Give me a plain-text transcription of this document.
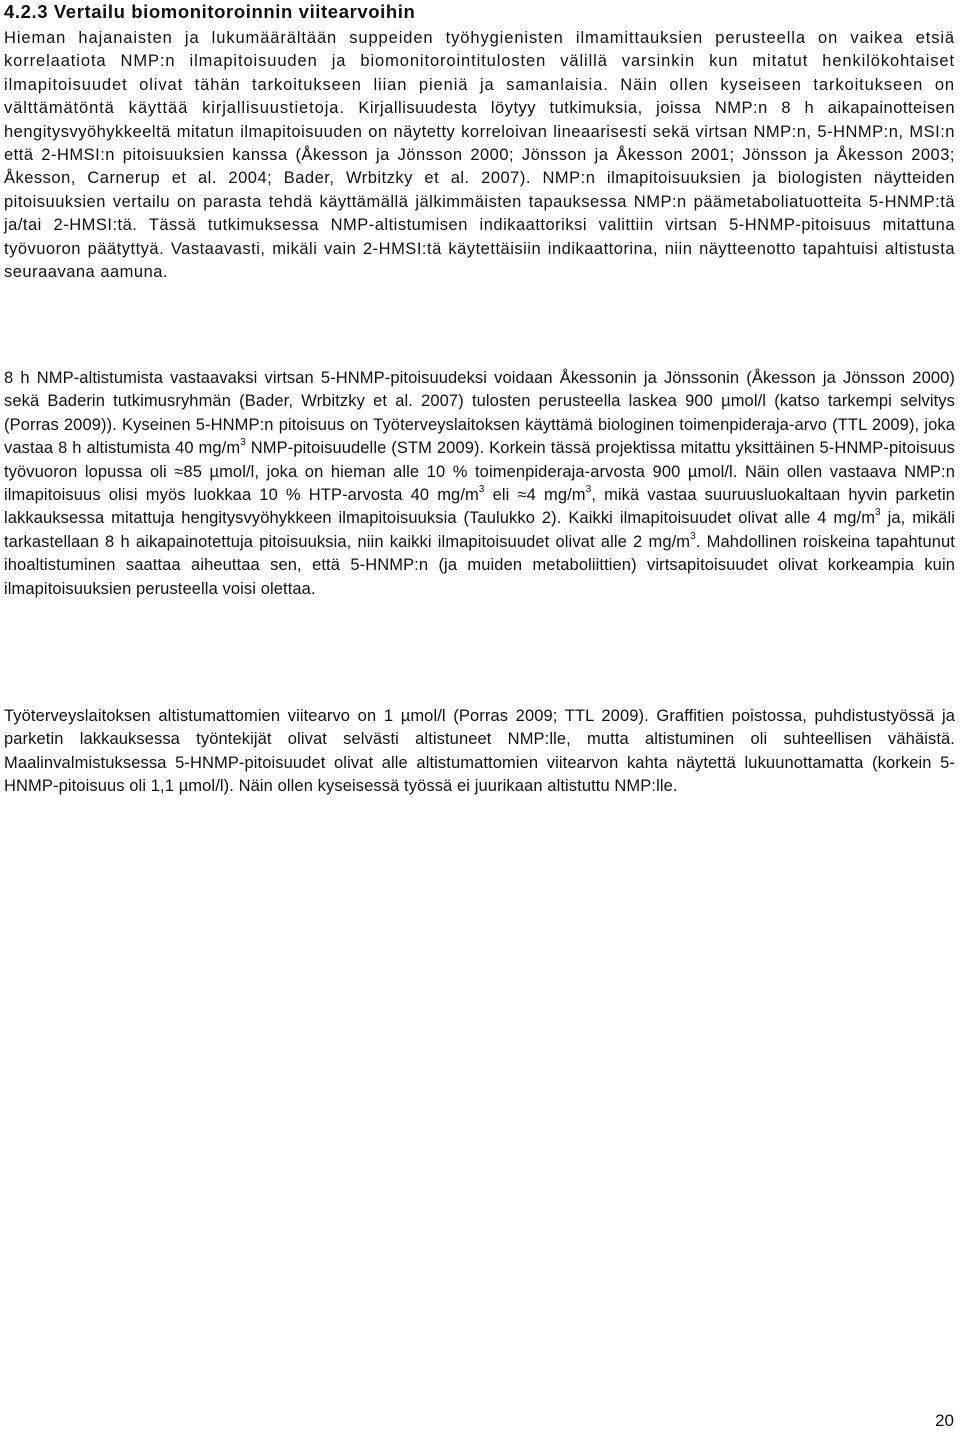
4.2.3 Vertailu biomonitoroinnin viitearvoihin

Hieman hajanaisten ja lukumäärältään suppeiden työhygienisten ilmamittauksien perusteella on vaikea etsiä korrelaatiota NMP:n ilmapitoisuuden ja biomonitorointitulosten välillä varsinkin kun mitatut henkilökohtaiset ilmapitoisuudet olivat tähän tarkoitukseen liian pieniä ja samanlaisia. Näin ollen kyseiseen tarkoitukseen on välttämätöntä käyttää kirjallisuustietoja. Kirjallisuudesta löytyy tutkimuksia, joissa NMP:n 8 h aikapainotteisen hengitysvyöhykkeeltä mitatun ilmapitoisuuden on näytetty korreloivan lineaarisesti sekä virtsan NMP:n, 5-HNMP:n, MSI:n että 2-HMSI:n pitoisuuksien kanssa (Åkesson ja Jönsson 2000; Jönsson ja Åkesson 2001; Jönsson ja Åkesson 2003; Åkesson, Carnerup et al. 2004; Bader, Wrbitzky et al. 2007). NMP:n ilmapitoisuuksien ja biologisten näytteiden pitoisuuksien vertailu on parasta tehdä käyttämällä jälkimmäisten tapauksessa NMP:n päämetaboliatuotteita 5-HNMP:tä ja/tai 2-HMSI:tä. Tässä tutkimuksessa NMP-altistumisen indikaattoriksi valittiin virtsan 5-HNMP-pitoisuus mitattuna työvuoron päätyttyä. Vastaavasti, mikäli vain 2-HMSI:tä käytettäisiin indikaattorina, niin näytteenotto tapahtuisi altistusta seuraavana aamuna.

8 h NMP-altistumista vastaavaksi virtsan 5-HNMP-pitoisuudeksi voidaan Åkessonin ja Jönssonin (Åkesson ja Jönsson 2000) sekä Baderin tutkimusryhmän (Bader, Wrbitzky et al. 2007) tulosten perusteella laskea 900 µmol/l (katso tarkempi selvitys (Porras 2009)). Kyseinen 5-HNMP:n pitoisuus on Työterveyslaitoksen käyttämä biologinen toimenpideraja-arvo (TTL 2009), joka vastaa 8 h altistumista 40 $mg/m^3$ NMP-pitoisuudelle (STM 2009). Korkein tässä projektissa mitattu yksittäinen 5-HNMP-pitoisuus työvuoron lopussa oli ≈85 µmol/l, joka on hieman alle 10 % toimenpideraja-arvosta 900 µmol/l. Näin ollen vastaava NMP:n ilmapitoisuus olisi myös luokkaa 10 % HTP-arvosta 40 $mg/m^3$ eli ≈4 $mg/m^3$, mikä vastaa suuruusluokaltaan hyvin parketin lakkauksessa mitattuja hengitysvyöhykkeen ilmapitoisuuksia (Taulukko 2). Kaikki ilmapitoisuudet olivat alle 4 $mg/m^3$ ja, mikäli tarkastellaan 8 h aikapainotettuja pitoisuuksia, niin kaikki ilmapitoisuudet olivat alle 2 $mg/m^3$. Mahdollinen roiskeina tapahtunut ihoaltistuminen saattaa aiheuttaa sen, että 5-HNMP:n (ja muiden metaboliittien) virtsapitoisuudet olivat korkeampia kuin ilmapitoisuuksien perusteella voisi olettaa.

Työterveyslaitoksen altistumattomien viitearvo on 1 µmol/l (Porras 2009; TTL 2009). Graffitien poistossa, puhdistustyössä ja parketin lakkauksessa työntekijät olivat selvästi altistuneet NMP:lle, mutta altistuminen oli suhteellisen vähäistä. Maalinvalmistuksessa 5-HNMP-pitoisuudet olivat alle altistumattomien viitearvon kahta näytettä lukuunottamatta (korkein 5-HNMP-pitoisuus oli 1,1 µmol/l). Näin ollen kyseisessä työssä ei juurikaan altistuttu NMP:lle.

20
